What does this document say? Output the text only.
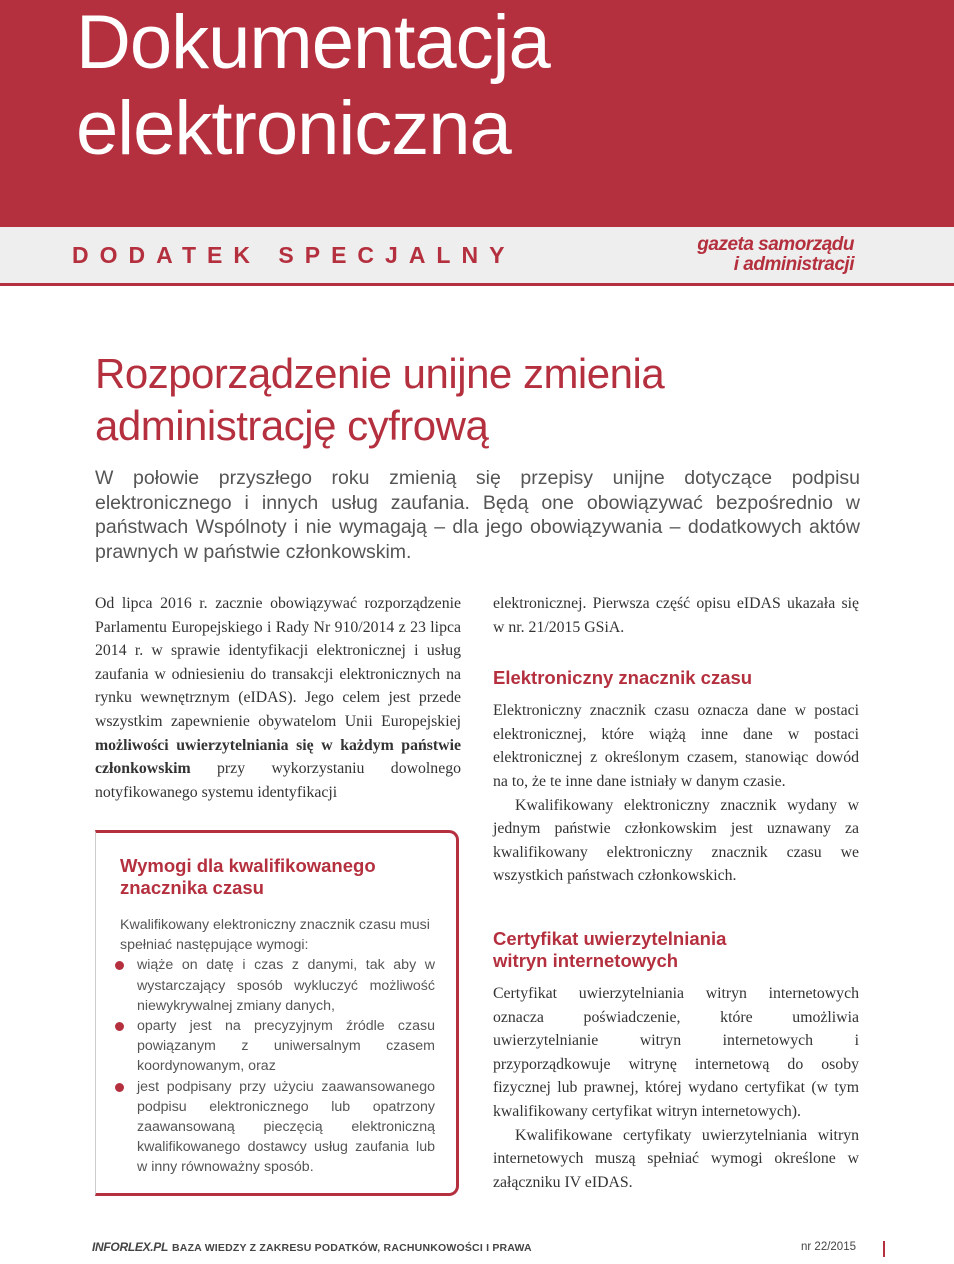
Dokumentacja
elektroniczna
DODATEK SPECJALNY	gazeta samorządu
i administracji
Rozporządzenie unijne zmienia
administrację cyfrową

W połowie przyszłego roku zmienią się przepisy unijne dotyczące podpisu elektronicznego i innych usług zaufania. Będą one obowiązywać bezpośrednio w państwach Wspólnoty i nie wymagają – dla jego obowiązywania – dodatkowych aktów prawnych w państwie członkowskim.

Od lipca 2016 r. zacznie obowiązywać rozporządzenie Parlamentu Europejskiego i Rady Nr 910/2014 z 23 lipca 2014 r. w sprawie identyfikacji elektronicznej i usług zaufania w odniesieniu do transakcji elektronicznych na rynku wewnętrznym (eIDAS). Jego celem jest przede wszystkim zapewnienie obywatelom Unii Europejskiej możliwości uwierzytelniania się w każdym państwie członkowskim przy wykorzystaniu dowolnego notyfikowanego systemu identyfikacji

Wymogi dla kwalifikowanego
znacznika czasu

Kwalifikowany elektroniczny znacznik czasu musi spełniać następujące wymogi:

wiąże on datę i czas z danymi, tak aby w wystarczający sposób wykluczyć możliwość niewykrywalnej zmiany danych,
oparty jest na precyzyjnym źródle czasu powiązanym z uniwersalnym czasem koordynowanym, oraz
jest podpisany przy użyciu zaawansowanego podpisu elektronicznego lub opatrzony zaawansowaną pieczęcią elektroniczną kwalifikowanego dostawcy usług zaufania lub w inny równoważny sposób.

elektronicznej. Pierwsza część opisu eIDAS ukazała się w nr. 21/2015 GSiA.

Elektroniczny znacznik czasu

Elektroniczny znacznik czasu oznacza dane w postaci elektronicznej, które wiążą inne dane w postaci elektronicznej z określonym czasem, stanowiąc dowód na to, że te inne dane istniały w danym czasie.

Kwalifikowany elektroniczny znacznik wydany w jednym państwie członkowskim jest uznawany za kwalifikowany elektroniczny znacznik czasu we wszystkich państwach członkowskich.

Certyfikat uwierzytelniania
witryn internetowych

Certyfikat uwierzytelniania witryn internetowych oznacza poświadczenie, które umożliwia uwierzytelnianie witryn internetowych i przyporządkowuje witrynę internetową do osoby fizycznej lub prawnej, której wydano certyfikat (w tym kwalifikowany certyfikat witryn internetowych).

Kwalifikowane certyfikaty uwierzytelniania witryn internetowych muszą spełniać wymogi określone w załączniku IV eIDAS.

INFORLEX.PL BAZA WIEDZY Z ZAKRESU PODATKÓW, RACHUNKOWOŚCI I PRAWA	nr 22/2015
